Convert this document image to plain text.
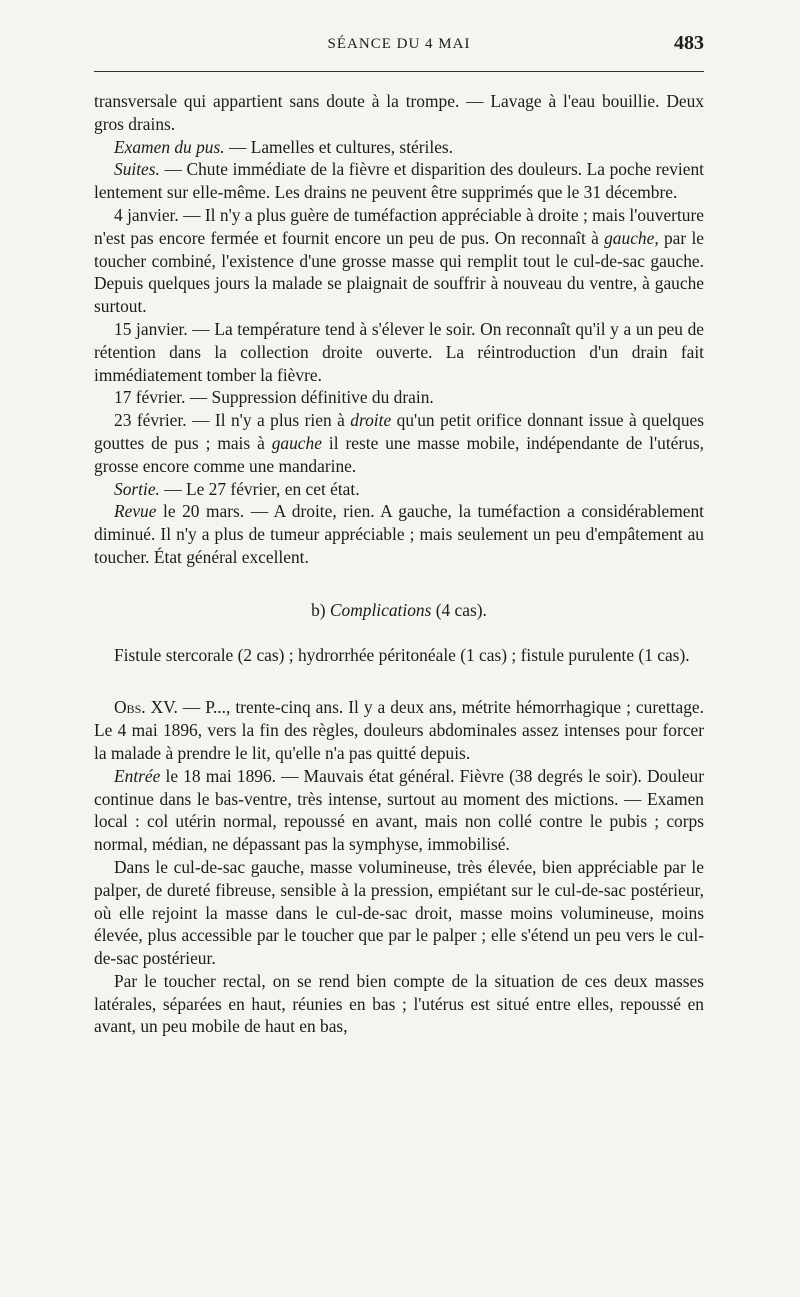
SÉANCE DU 4 MAI	483

transversale qui appartient sans doute à la trompe. — Lavage à l'eau bouillie. Deux gros drains.

Examen du pus. — Lamelles et cultures, stériles.

Suites. — Chute immédiate de la fièvre et disparition des douleurs. La poche revient lentement sur elle-même. Les drains ne peuvent être supprimés que le 31 décembre.

4 janvier. — Il n'y a plus guère de tuméfaction appréciable à droite ; mais l'ouverture n'est pas encore fermée et fournit encore un peu de pus. On reconnaît à gauche, par le toucher combiné, l'existence d'une grosse masse qui remplit tout le cul-de-sac gauche. Depuis quelques jours la malade se plaignait de souffrir à nouveau du ventre, à gauche surtout.

15 janvier. — La température tend à s'élever le soir. On reconnaît qu'il y a un peu de rétention dans la collection droite ouverte. La réintroduction d'un drain fait immédiatement tomber la fièvre.

17 février. — Suppression définitive du drain.

23 février. — Il n'y a plus rien à droite qu'un petit orifice donnant issue à quelques gouttes de pus ; mais à gauche il reste une masse mobile, indépendante de l'utérus, grosse encore comme une mandarine.

Sortie. — Le 27 février, en cet état.

Revue le 20 mars. — A droite, rien. A gauche, la tuméfaction a considérablement diminué. Il n'y a plus de tumeur appréciable ; mais seulement un peu d'empâtement au toucher. État général excellent.

b) Complications (4 cas).

Fistule stercorale (2 cas) ; hydrorrhée péritonéale (1 cas) ; fistule purulente (1 cas).

Obs. XV. — P..., trente-cinq ans. Il y a deux ans, métrite hémorrhagique ; curettage. Le 4 mai 1896, vers la fin des règles, douleurs abdominales assez intenses pour forcer la malade à prendre le lit, qu'elle n'a pas quitté depuis.

Entrée le 18 mai 1896. — Mauvais état général. Fièvre (38 degrés le soir). Douleur continue dans le bas-ventre, très intense, surtout au moment des mictions. — Examen local : col utérin normal, repoussé en avant, mais non collé contre le pubis ; corps normal, médian, ne dépassant pas la symphyse, immobilisé.

Dans le cul-de-sac gauche, masse volumineuse, très élevée, bien appréciable par le palper, de dureté fibreuse, sensible à la pression, empiétant sur le cul-de-sac postérieur, où elle rejoint la masse dans le cul-de-sac droit, masse moins volumineuse, moins élevée, plus accessible par le toucher que par le palper ; elle s'étend un peu vers le cul-de-sac postérieur.

Par le toucher rectal, on se rend bien compte de la situation de ces deux masses latérales, séparées en haut, réunies en bas ; l'utérus est situé entre elles, repoussé en avant, un peu mobile de haut en bas,
